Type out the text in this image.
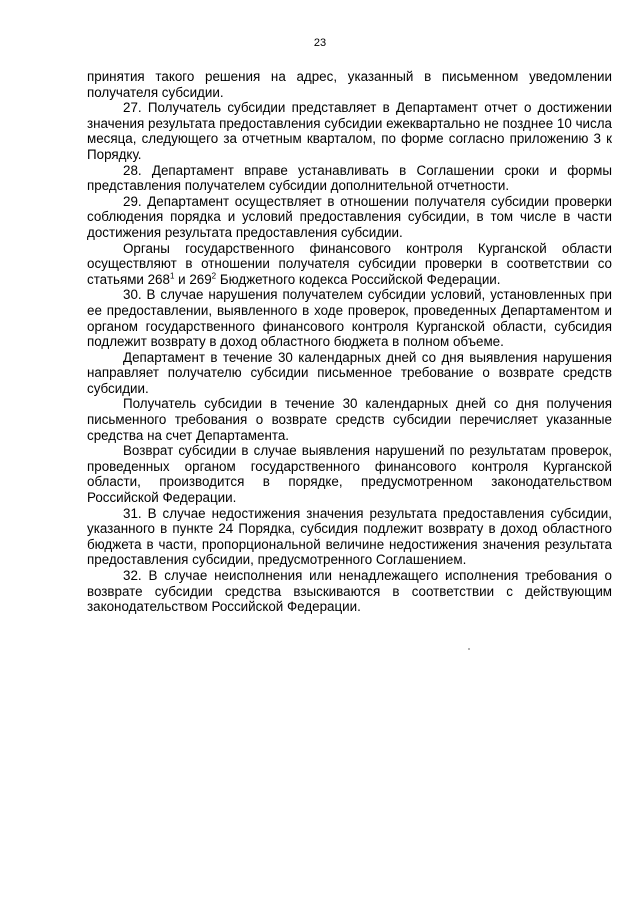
23

принятия такого решения на адрес, указанный в письменном уведомлении получателя субсидии.

27. Получатель субсидии представляет в Департамент отчет о достижении значения результата предоставления субсидии ежеквартально не позднее 10 числа месяца, следующего за отчетным кварталом, по форме согласно приложению 3 к Порядку.

28. Департамент вправе устанавливать в Соглашении сроки и формы представления получателем субсидии дополнительной отчетности.

29. Департамент осуществляет в отношении получателя субсидии проверки соблюдения порядка и условий предоставления субсидии, в том числе в части достижения результата предоставления субсидии.

Органы государственного финансового контроля Курганской области осуществляют в отношении получателя субсидии проверки в соответствии со статьями $268^1$ и $269^2$ Бюджетного кодекса Российской Федерации.

30. В случае нарушения получателем субсидии условий, установленных при ее предоставлении, выявленного в ходе проверок, проведенных Департаментом и органом государственного финансового контроля Курганской области, субсидия подлежит возврату в доход областного бюджета в полном объеме.

Департамент в течение 30 календарных дней со дня выявления нарушения направляет получателю субсидии письменное требование о возврате средств субсидии.

Получатель субсидии в течение 30 календарных дней со дня получения письменного требования о возврате средств субсидии перечисляет указанные средства на счет Департамента.

Возврат субсидии в случае выявления нарушений по результатам проверок, проведенных органом государственного финансового контроля Курганской области, производится в порядке, предусмотренном законодательством Российской Федерации.

31. В случае недостижения значения результата предоставления субсидии, указанного в пункте 24 Порядка, субсидия подлежит возврату в доход областного бюджета в части, пропорциональной величине недостижения значения результата предоставления субсидии, предусмотренного Соглашением.

32. В случае неисполнения или ненадлежащего исполнения требования о возврате субсидии средства взыскиваются в соответствии с действующим законодательством Российской Федерации.
